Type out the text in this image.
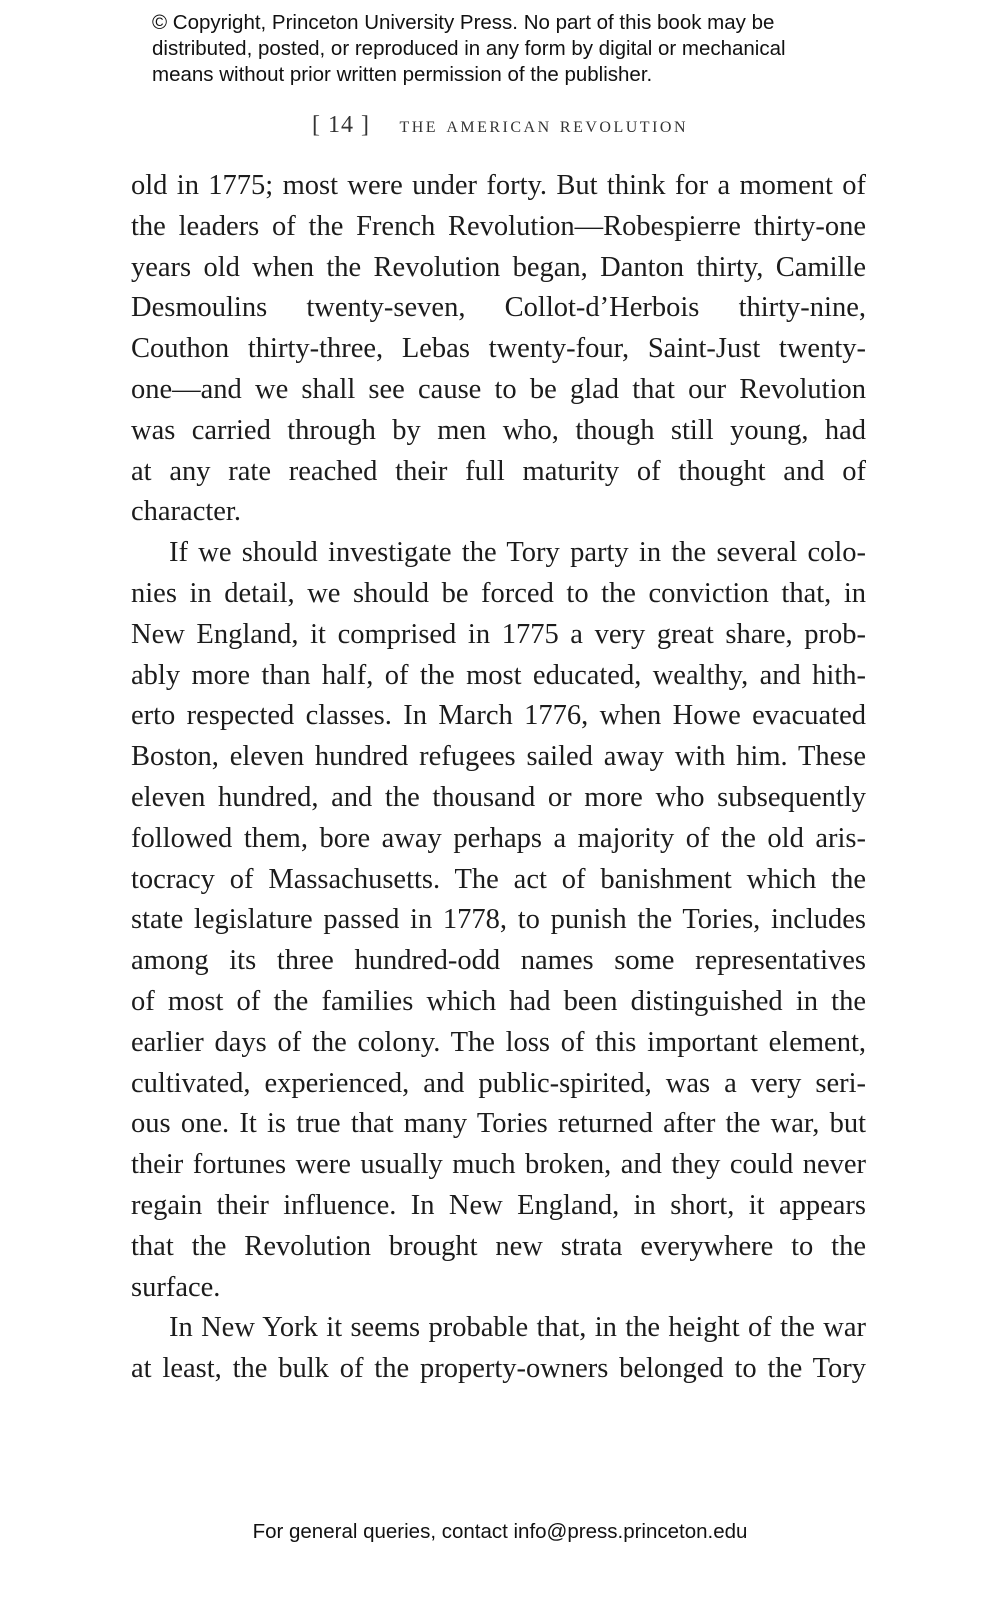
© Copyright, Princeton University Press. No part of this book may be
distributed, posted, or reproduced in any form by digital or mechanical
means without prior written permission of the publisher.
[ 14 ] the american revolution
old in 1775; most were under forty. But think for a moment of
the leaders of the French Revolution—Robespierre thirty-one
years old when the Revolution began, Danton thirty, Camille
Desmoulins twenty-seven, Collot-d’Herbois thirty-nine,
Couthon thirty-three, Lebas twenty-four, Saint-Just twenty-
one—and we shall see cause to be glad that our Revolution
was carried through by men who, though still young, had
at any rate reached their full maturity of thought and of
character.
If we should investigate the Tory party in the several colo-
nies in detail, we should be forced to the conviction that, in
New England, it comprised in 1775 a very great share, prob-
ably more than half, of the most educated, wealthy, and hith-
erto respected classes. In March 1776, when Howe evacuated
Boston, eleven hundred refugees sailed away with him. These
eleven hundred, and the thousand or more who subsequently
followed them, bore away perhaps a majority of the old aris-
tocracy of Massachusetts. The act of banishment which the
state legislature passed in 1778, to punish the Tories, includes
among its three hundred-odd names some representatives
of most of the families which had been distinguished in the
earlier days of the colony. The loss of this important element,
cultivated, experienced, and public-spirited, was a very seri-
ous one. It is true that many Tories returned after the war, but
their fortunes were usually much broken, and they could never
regain their influence. In New England, in short, it appears
that the Revolution brought new strata everywhere to the
surface.
In New York it seems probable that, in the height of the war
at least, the bulk of the property-owners belonged to the Tory
For general queries, contact info@press.princeton.edu
